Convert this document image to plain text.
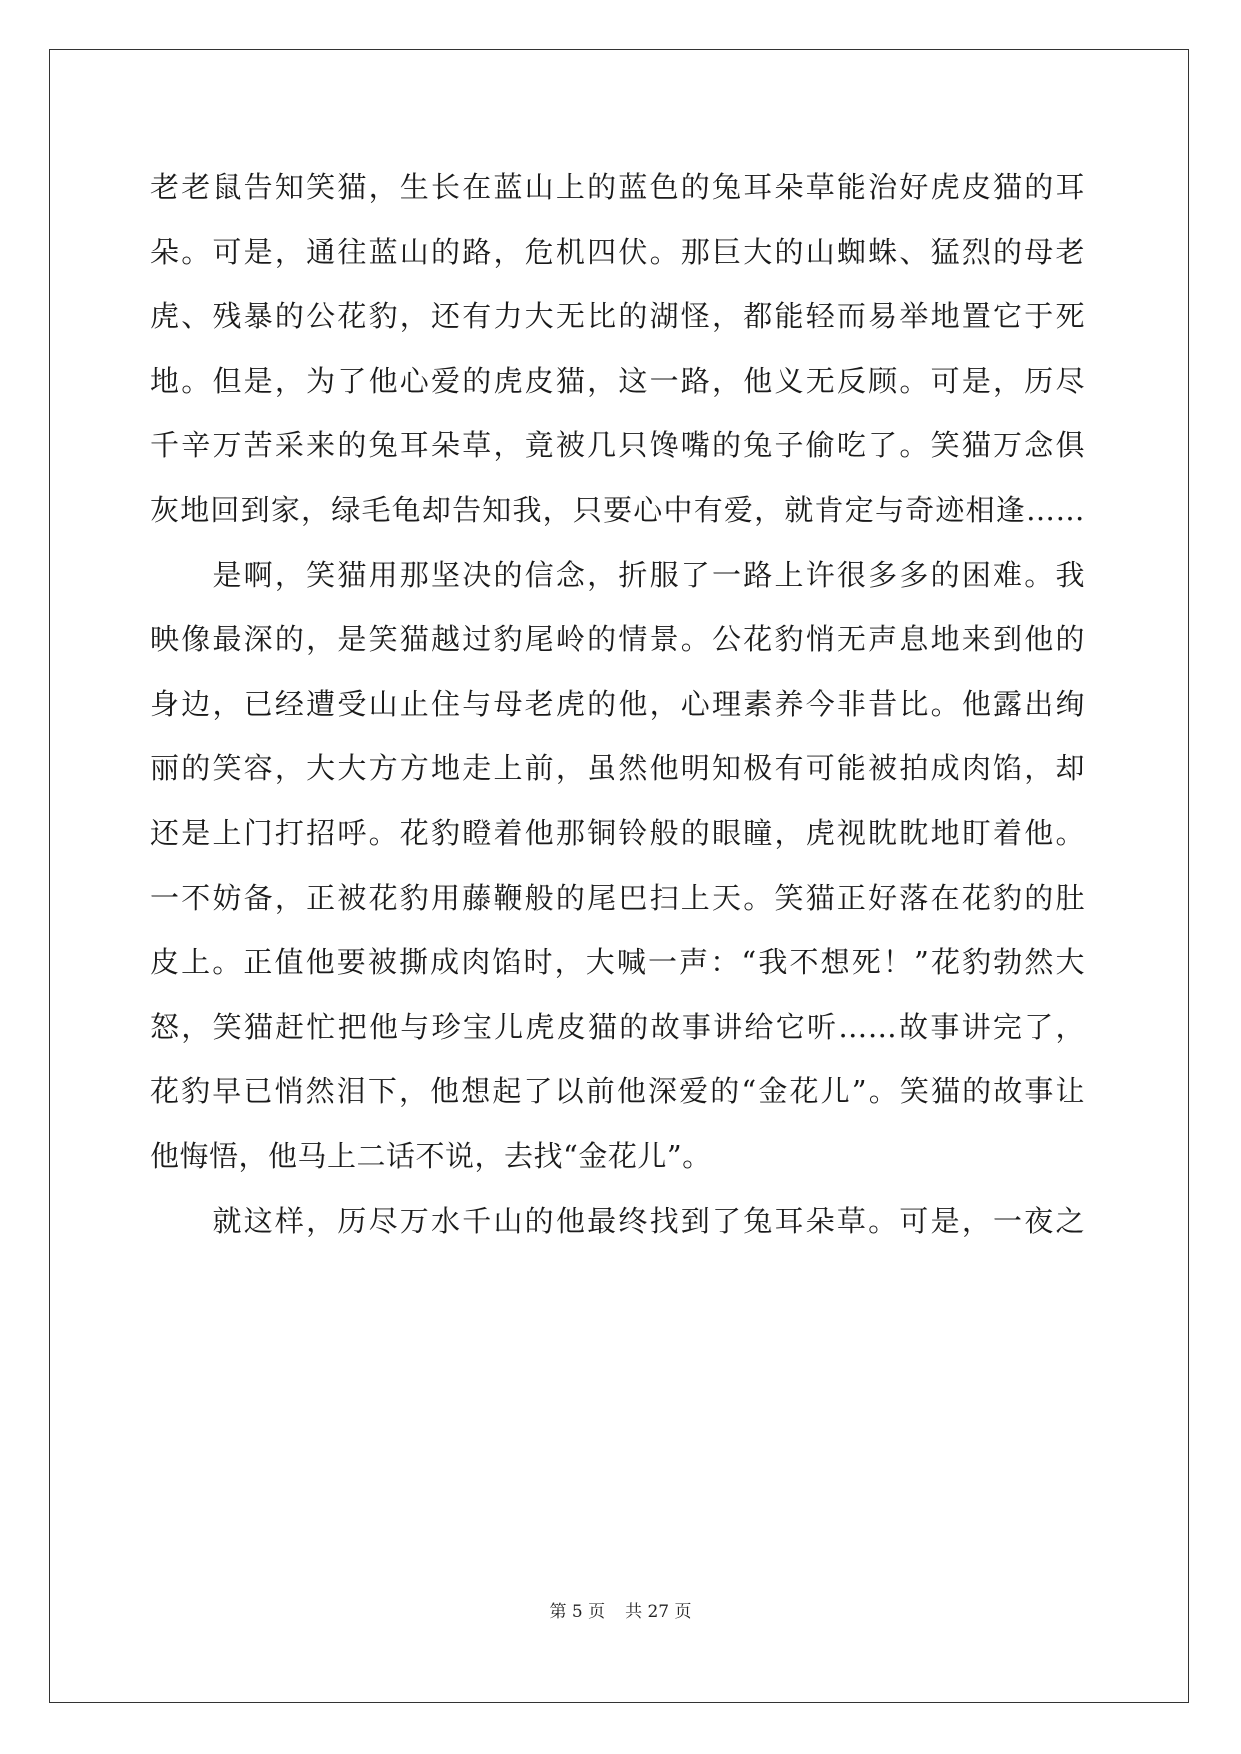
老老鼠告知笑猫，生长在蓝山上的蓝色的兔耳朵草能治好虎皮猫的耳
朵。可是，通往蓝山的路，危机四伏。那巨大的山蜘蛛、猛烈的母老
虎、残暴的公花豹，还有力大无比的湖怪，都能轻而易举地置它于死
地。但是，为了他心爱的虎皮猫，这一路，他义无反顾。可是，历尽
千辛万苦采来的兔耳朵草，竟被几只馋嘴的兔子偷吃了。笑猫万念俱
灰地回到家，绿毛龟却告知我，只要心中有爱，就肯定与奇迹相逢……
　　是啊，笑猫用那坚决的信念，折服了一路上许很多多的困难。我
映像最深的，是笑猫越过豹尾岭的情景。公花豹悄无声息地来到他的
身边，已经遭受山止住与母老虎的他，心理素养今非昔比。他露出绚
丽的笑容，大大方方地走上前，虽然他明知极有可能被拍成肉馅，却
还是上门打招呼。花豹瞪着他那铜铃般的眼瞳，虎视眈眈地盯着他。
一不妨备，正被花豹用藤鞭般的尾巴扫上天。笑猫正好落在花豹的肚
皮上。正值他要被撕成肉馅时，大喊一声：“我不想死！”花豹勃然大
怒，笑猫赶忙把他与珍宝儿虎皮猫的故事讲给它听……故事讲完了，
花豹早已悄然泪下，他想起了以前他深爱的“金花儿”。笑猫的故事让
他悔悟，他马上二话不说，去找“金花儿”。
　　就这样，历尽万水千山的他最终找到了兔耳朵草。可是，一夜之
第 5 页 共 27 页
